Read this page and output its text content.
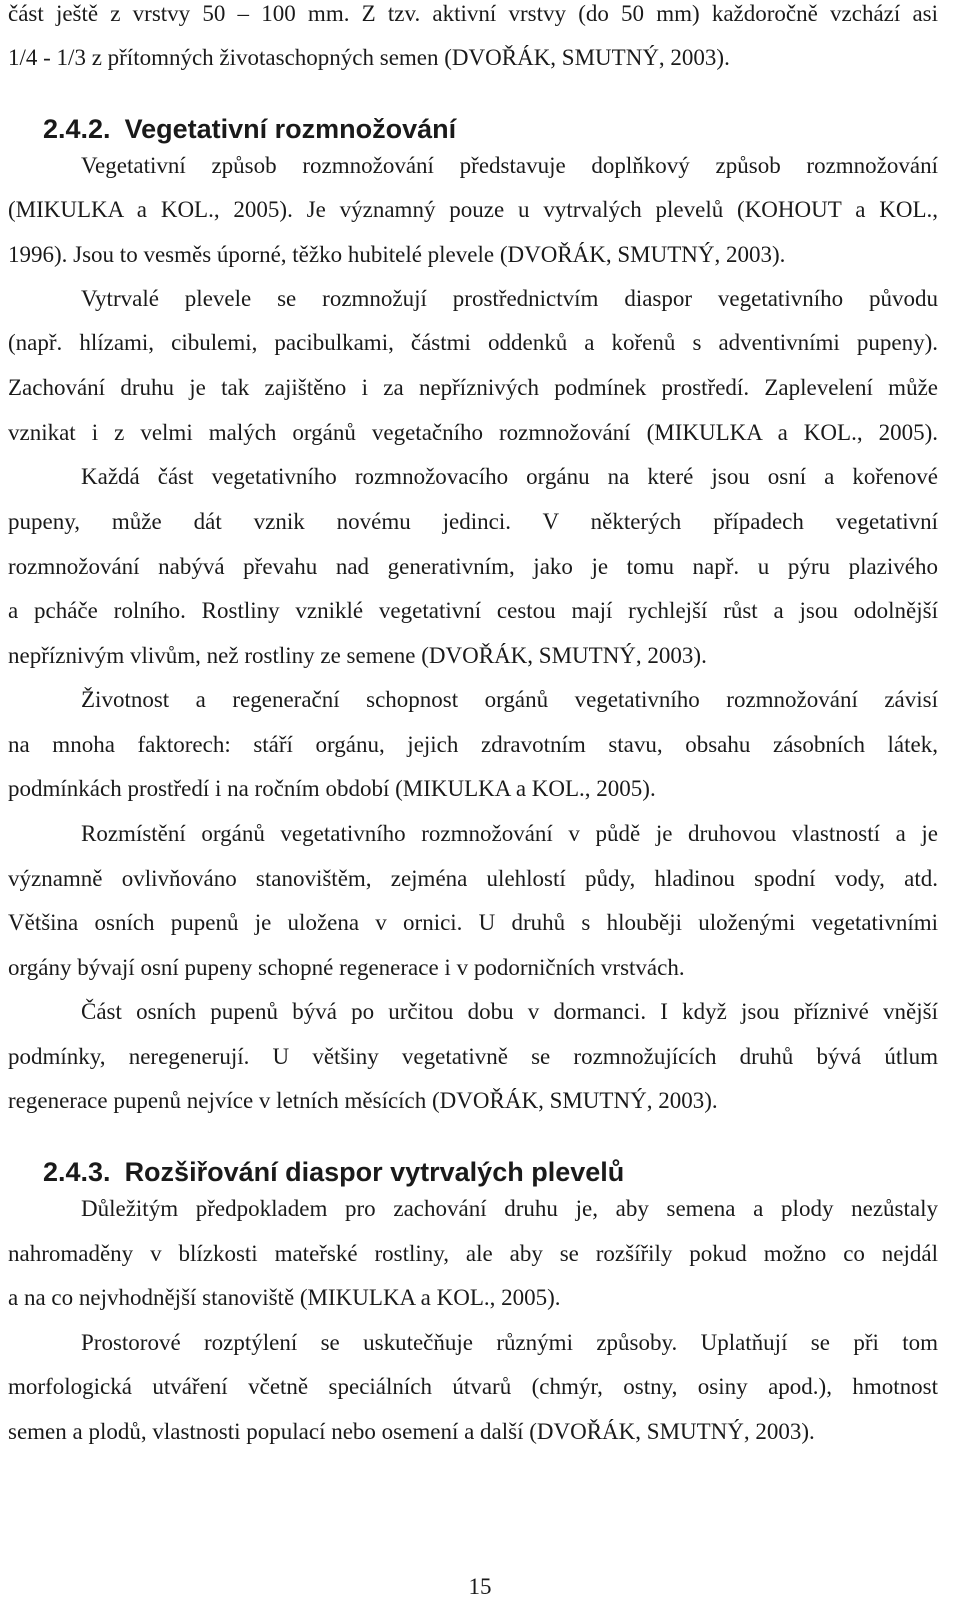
část ještě z vrstvy 50 – 100 mm. Z tzv. aktivní vrstvy (do 50 mm) každoročně vzchází asi
1/4 - 1/3 z přítomných životaschopných semen (DVOŘÁK, SMUTNÝ, 2003).
2.4.2. Vegetativní rozmnožování
Vegetativní způsob rozmnožování představuje doplňkový způsob rozmnožování
(MIKULKA a KOL., 2005). Je významný pouze u vytrvalých plevelů (KOHOUT a KOL.,
1996). Jsou to vesměs úporné, těžko hubitelé plevele (DVOŘÁK, SMUTNÝ, 2003).
Vytrvalé plevele se rozmnožují prostřednictvím diaspor vegetativního původu
(např. hlízami, cibulemi, pacibulkami, částmi oddenků a kořenů s adventivními pupeny).
Zachování druhu je tak zajištěno i za nepříznivých podmínek prostředí. Zaplevelení může
vznikat i z velmi malých orgánů vegetačního rozmnožování (MIKULKA a KOL., 2005).
Každá část vegetativního rozmnožovacího orgánu na které jsou osní a kořenové
pupeny, může dát vznik novému jedinci. V některých případech vegetativní
rozmnožování nabývá převahu nad generativním, jako je tomu např. u pýru plazivého
a pcháče rolního. Rostliny vzniklé vegetativní cestou mají rychlejší růst a jsou odolnější
nepříznivým vlivům, než rostliny ze semene (DVOŘÁK, SMUTNÝ, 2003).
Životnost a regenerační schopnost orgánů vegetativního rozmnožování závisí
na mnoha faktorech: stáří orgánu, jejich zdravotním stavu, obsahu zásobních látek,
podmínkách prostředí i na ročním období (MIKULKA a KOL., 2005).
Rozmístění orgánů vegetativního rozmnožování v půdě je druhovou vlastností a je
významně ovlivňováno stanovištěm, zejména ulehlostí půdy, hladinou spodní vody, atd.
Většina osních pupenů je uložena v ornici. U druhů s hlouběji uloženými vegetativními
orgány bývají osní pupeny schopné regenerace i v podorničních vrstvách.
Část osních pupenů bývá po určitou dobu v dormanci. I když jsou příznivé vnější
podmínky, neregenerují. U většiny vegetativně se rozmnožujících druhů bývá útlum
regenerace pupenů nejvíce v letních měsících (DVOŘÁK, SMUTNÝ, 2003).
2.4.3. Rozšiřování diaspor vytrvalých plevelů
Důležitým předpokladem pro zachování druhu je, aby semena a plody nezůstaly
nahromaděny v blízkosti mateřské rostliny, ale aby se rozšířily pokud možno co nejdál
a na co nejvhodnější stanoviště (MIKULKA a KOL., 2005).
Prostorové rozptýlení se uskutečňuje různými způsoby. Uplatňují se při tom
morfologická utváření včetně speciálních útvarů (chmýr, ostny, osiny apod.), hmotnost
semen a plodů, vlastnosti populací nebo osemení a další (DVOŘÁK, SMUTNÝ, 2003).
15
